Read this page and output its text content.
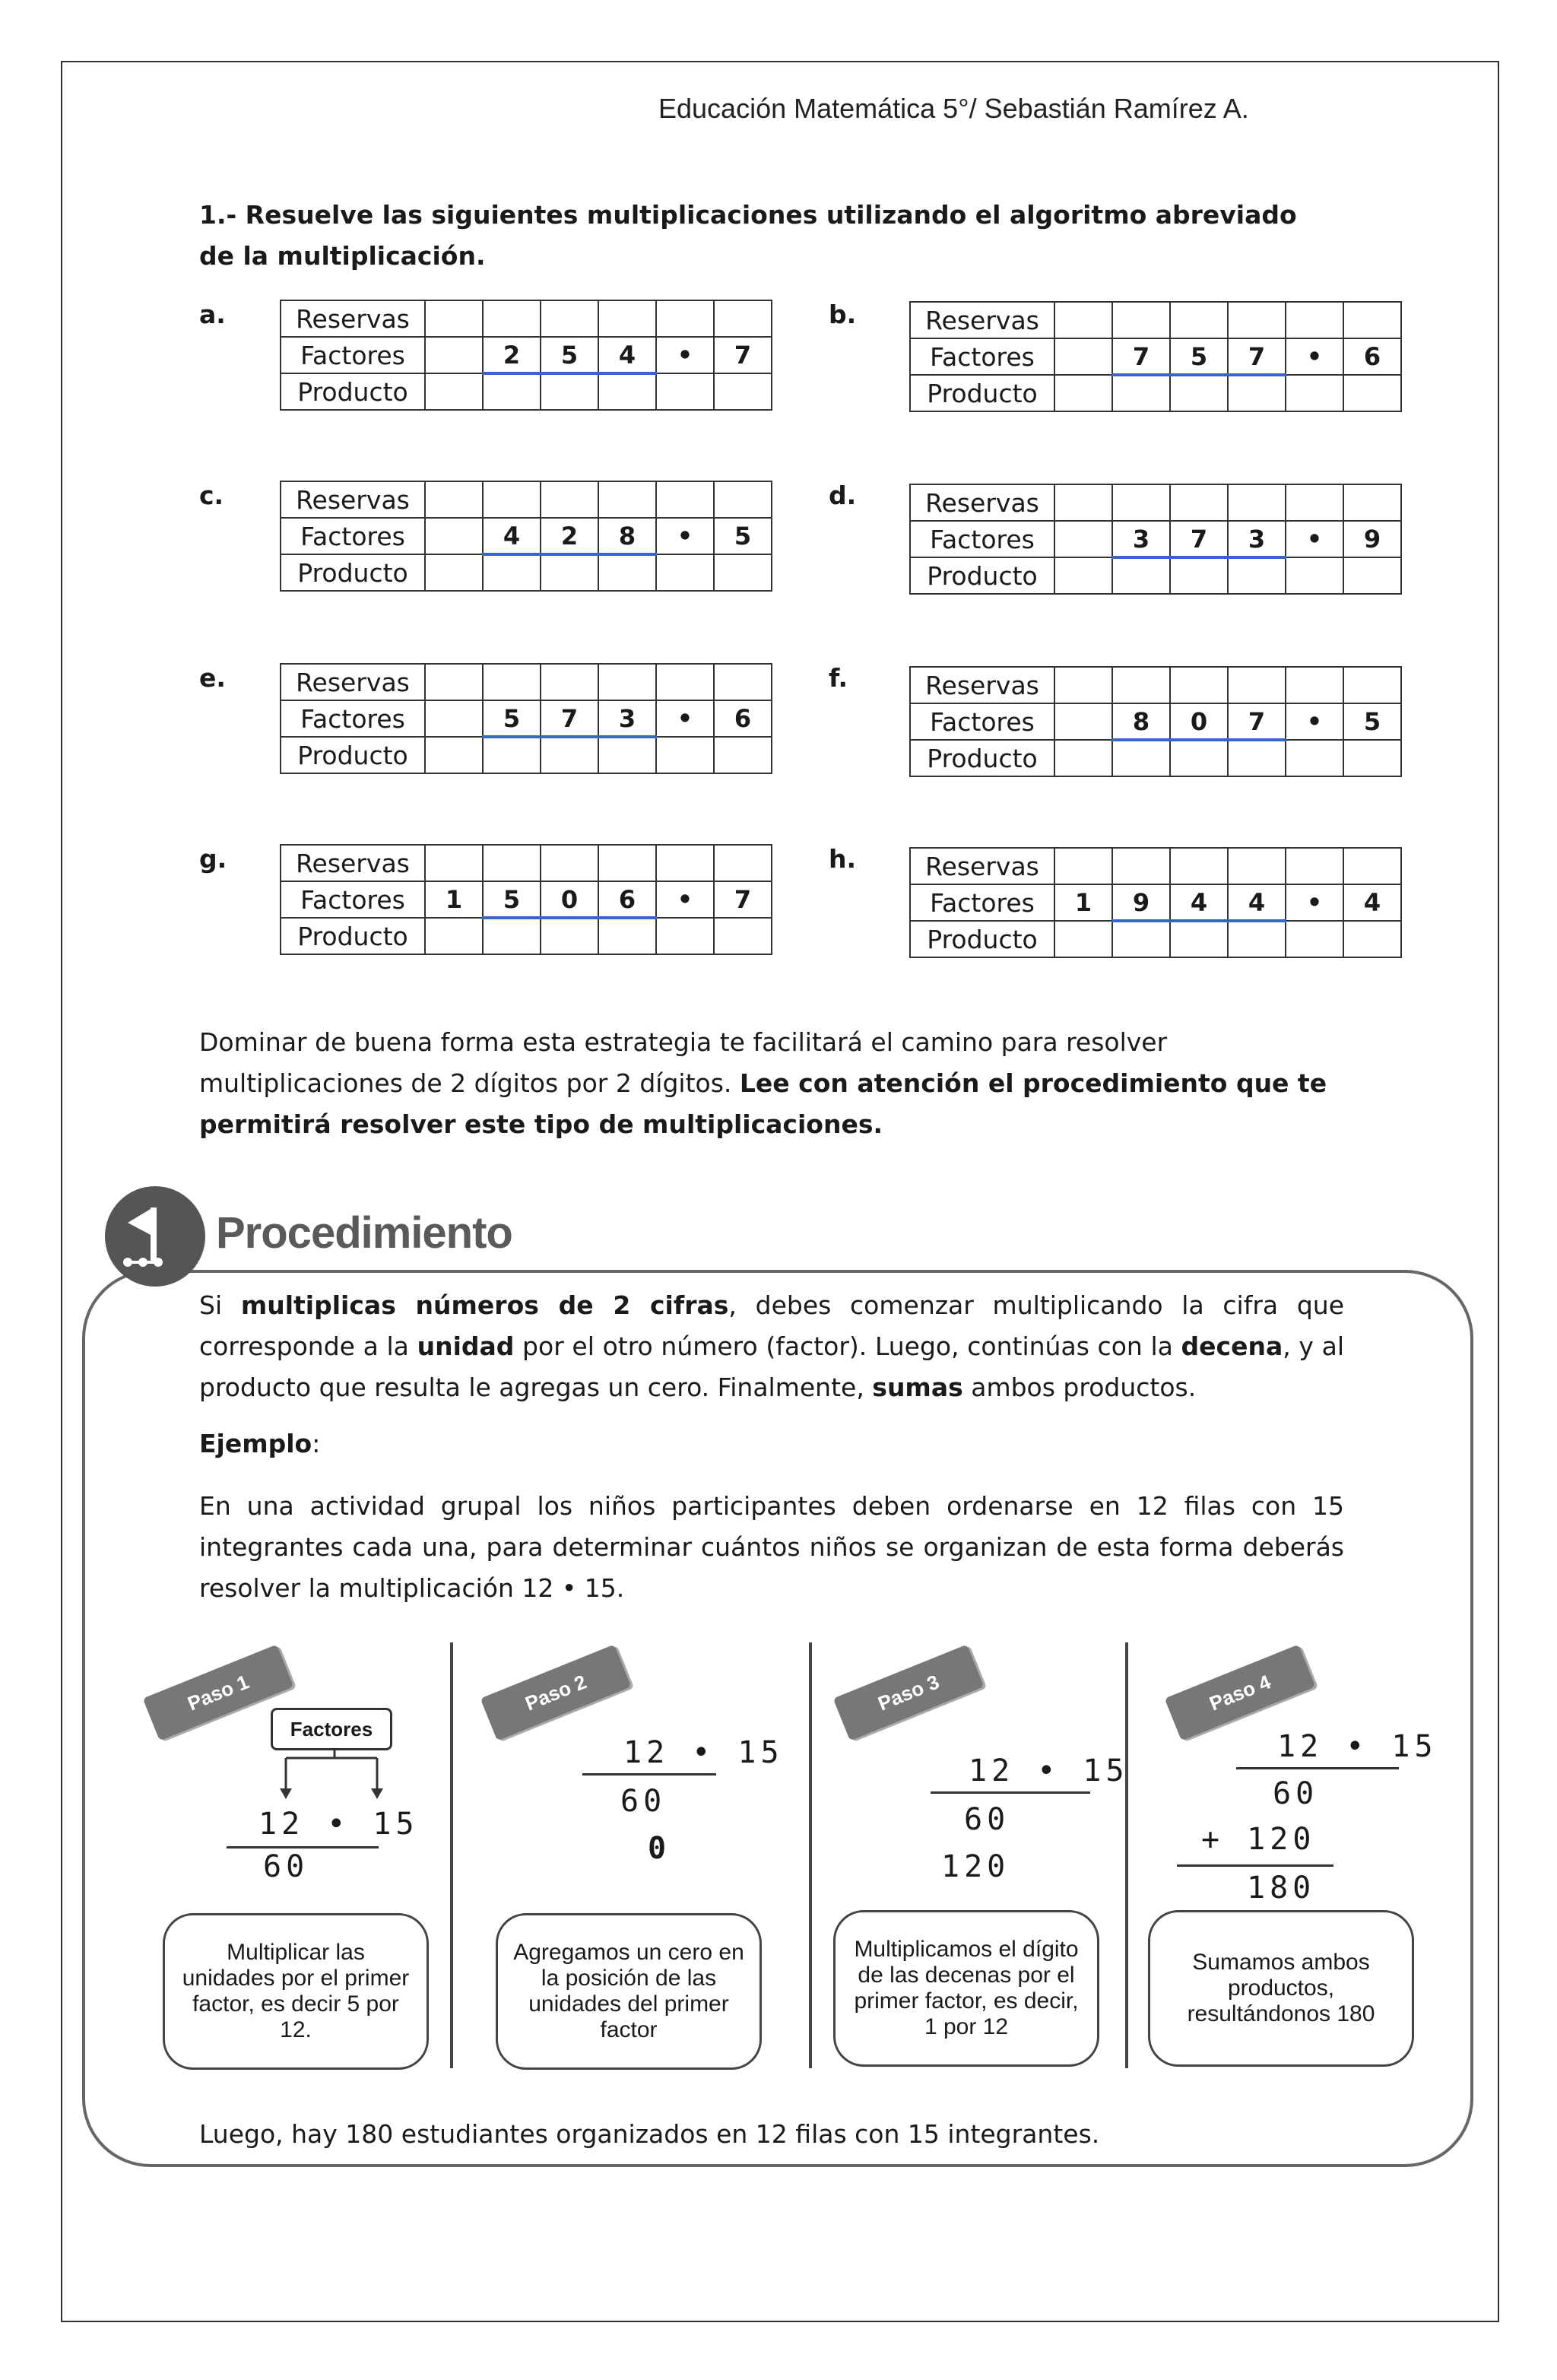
Educación Matemática 5°/ Sebastián Ramírez A.
1.- Resuelve las siguientes multiplicaciones utilizando el algoritmo abreviado de la multiplicación.
a.	Reservas						
Factores		2	5	4	•	7
Producto						
b.	Reservas						
Factores		7	5	7	•	6
Producto						
c.	Reservas						
Factores		4	2	8	•	5
Producto						
d.	Reservas						
Factores		3	7	3	•	9
Producto						
e.	Reservas						
Factores		5	7	3	•	6
Producto						
f.	Reservas						
Factores		8	0	7	•	5
Producto						
g.	Reservas						
Factores	1	5	0	6	•	7
Producto						
h.	Reservas						
Factores	1	9	4	4	•	4
Producto						
Dominar de buena forma esta estrategia te facilitará el camino para resolver multiplicaciones de 2 dígitos por 2 dígitos. Lee con atención el procedimiento que te permitirá resolver este tipo de multiplicaciones.
Procedimiento
Si multiplicas números de 2 cifras, debes comenzar multiplicando la cifra que corresponde a la unidad por el otro número (factor). Luego, continúas con la decena, y al producto que resulta le agregas un cero. Finalmente, sumas ambos productos.
Ejemplo:
En una actividad grupal los niños participantes deben ordenarse en 12 filas con 15 integrantes cada una, para determinar cuántos niños se organizan de esta forma deberás resolver la multiplicación 12 • 15.
Paso 1	Paso 2	Paso 3	Paso 4
Factores
12 • 15
60
12 • 15
60
0
12 • 15
60
120
12 • 15
60
+ 120
180
Multiplicar las unidades por el primer factor, es decir 5 por 12.
Agregamos un cero en la posición de las unidades del primer factor
Multiplicamos el dígito de las decenas por el primer factor, es decir, 1 por 12
Sumamos ambos productos, resultándonos 180
Luego, hay 180 estudiantes organizados en 12 filas con 15 integrantes.
